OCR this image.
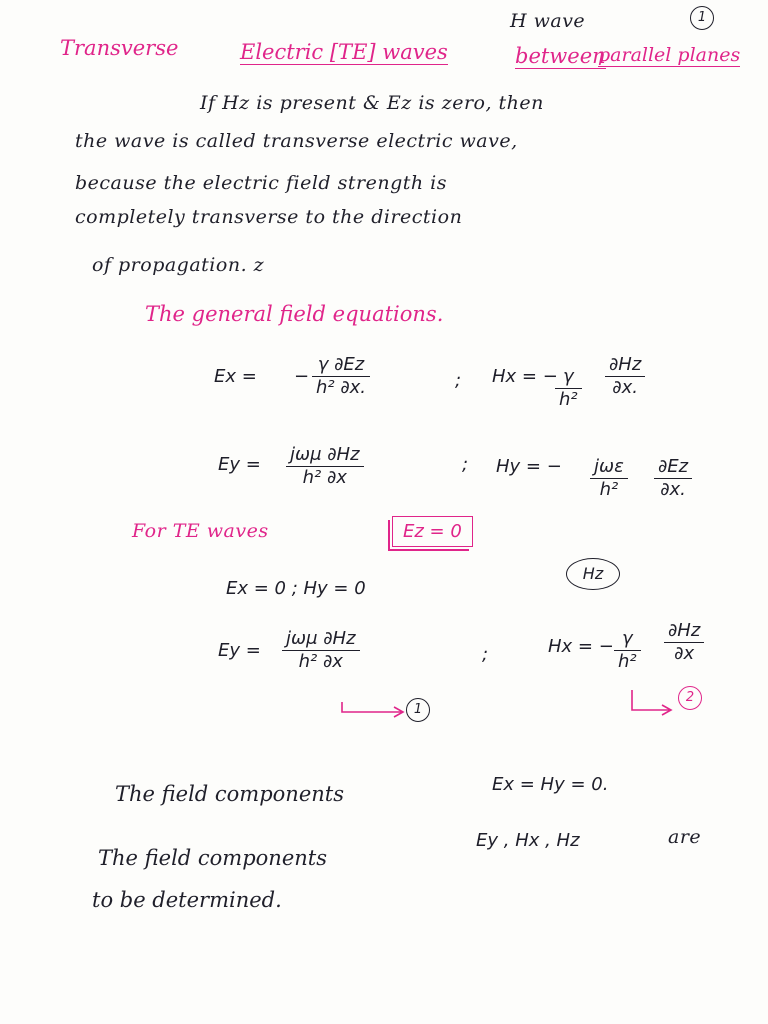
H wave	1
Transverse	Electric [TE] waves	between
parallel planes
If Hz is present & Ez is zero, then
the wave is called transverse electric wave,
because the electric field strength is
completely transverse to the direction
of propagation. z
The general field equations.
Ex = − $\frac{\gamma \partial Ez}{\text{h² ∂x.}}$	; Hx = −
$\frac{\gamma}{\text{h²}} \frac{\partial Hz}{\partial x.}$
Ey = jωμ ∂Hz
h² ∂x
; Hy = − jωε
h²	$\frac{\partial Ez}{\partial x.}$
For TE waves	Ez = 0
Hz
Ex = 0 ; Hy = 0
Ey =
jωμ ∂Hz
h² ∂x	;	Hx = − $\frac{\gamma}{\text{h²}} \frac{\partial Hz}{\partial x}$
1
2
The field components	Ex = Hy = 0.
The field components
Ey , Hx , Hz	are
to be determined.
